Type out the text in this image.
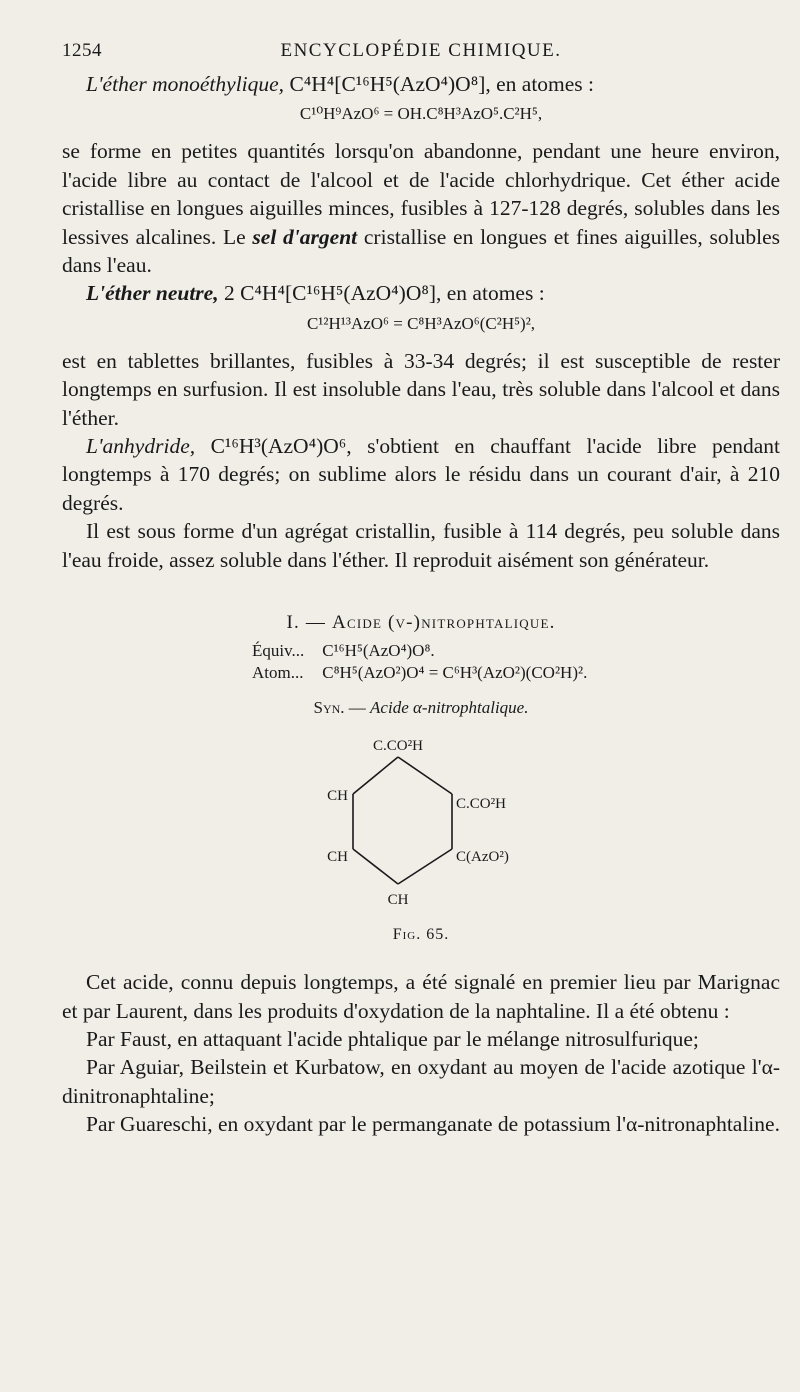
1254	ENCYCLOPÉDIE CHIMIQUE.

L'éther monoéthylique, C⁴H⁴[C¹⁶H⁵(AzO⁴)O⁸], en atomes :

C¹⁰H⁹AzO⁶ = OH.C⁸H³AzO⁵.C²H⁵,

se forme en petites quantités lorsqu'on abandonne, pendant une heure environ, l'acide libre au contact de l'alcool et de l'acide chlorhydrique. Cet éther acide cristallise en longues aiguilles minces, fusibles à 127-128 degrés, solubles dans les lessives alcalines. Le sel d'argent cristallise en longues et fines aiguilles, solubles dans l'eau.

L'éther neutre, 2 C⁴H⁴[C¹⁶H⁵(AzO⁴)O⁸], en atomes :

C¹²H¹³AzO⁶ = C⁸H³AzO⁶(C²H⁵)²,

est en tablettes brillantes, fusibles à 33-34 degrés; il est susceptible de rester longtemps en surfusion. Il est insoluble dans l'eau, très soluble dans l'alcool et dans l'éther.

L'anhydride, C¹⁶H³(AzO⁴)O⁶, s'obtient en chauffant l'acide libre pendant longtemps à 170 degrés; on sublime alors le résidu dans un courant d'air, à 210 degrés.

Il est sous forme d'un agrégat cristallin, fusible à 114 degrés, peu soluble dans l'eau froide, assez soluble dans l'éther. Il reproduit aisément son générateur.

I. — Acide (v-)nitrophtalique.
Équiv... C¹⁶H⁵(AzO⁴)O⁸.
Atom... C⁸H⁵(AzO²)O⁴ = C⁶H³(AzO²)(CO²H)².
Syn. — Acide α-nitrophtalique.
C.CO²H
C.CO²H
CH
CH	C(AzO²)
CH
Fig. 65.

Cet acide, connu depuis longtemps, a été signalé en premier lieu par Marignac et par Laurent, dans les produits d'oxydation de la naphtaline. Il a été obtenu :

Par Faust, en attaquant l'acide phtalique par le mélange nitrosulfurique;

Par Aguiar, Beilstein et Kurbatow, en oxydant au moyen de l'acide azotique l'α-dinitronaphtaline;

Par Guareschi, en oxydant par le permanganate de potassium l'α-nitronaphtaline.
